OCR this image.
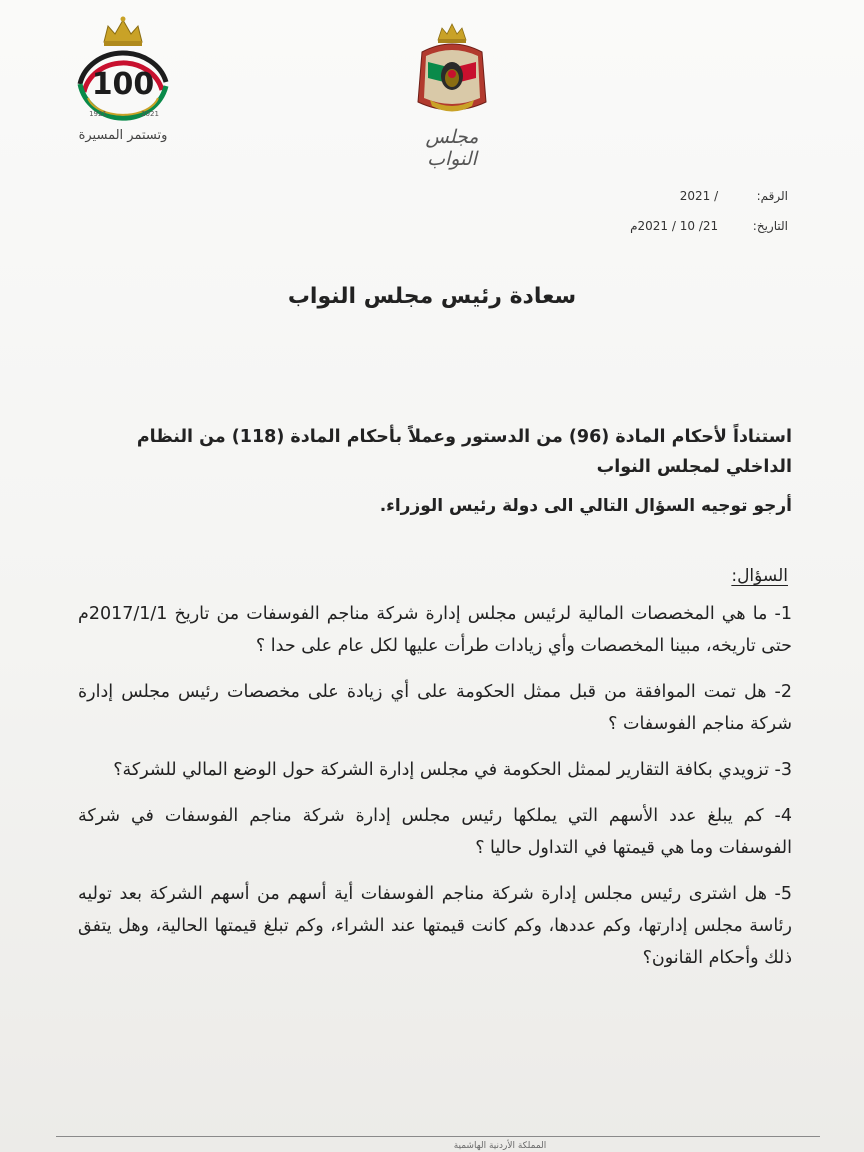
100
1921	2021
وتستمر المسيرة	مجلس النواب
الرقم: / 2021
التاريخ: 21/ 10 / 2021م
سعادة رئيس مجلس النواب
استناداً لأحكام المادة (96) من الدستور وعملاً بأحكام المادة (118) من النظام الداخلي لمجلس النواب
أرجو توجيه السؤال التالي الى دولة رئيس الوزراء.
السؤال:

1- ما هي المخصصات المالية لرئيس مجلس إدارة شركة مناجم الفوسفات من تاريخ 2017/1/1م حتى تاريخه، مبينا المخصصات وأي زيادات طرأت عليها لكل عام على حدا ؟

2- هل تمت الموافقة من قبل ممثل الحكومة على أي زيادة على مخصصات رئيس مجلس إدارة شركة مناجم الفوسفات ؟

3- تزويدي بكافة التقارير لممثل الحكومة في مجلس إدارة الشركة حول الوضع المالي للشركة؟

4- كم يبلغ عدد الأسهم التي يملكها رئيس مجلس إدارة شركة مناجم الفوسفات في شركة الفوسفات وما هي قيمتها في التداول حاليا ؟

5- هل اشترى رئيس مجلس إدارة شركة مناجم الفوسفات أية أسهم من أسهم الشركة بعد توليه رئاسة مجلس إدارتها، وكم عددها، وكم كانت قيمتها عند الشراء، وكم تبلغ قيمتها الحالية، وهل يتفق ذلك وأحكام القانون؟

المملكة الأردنية الهاشمية
